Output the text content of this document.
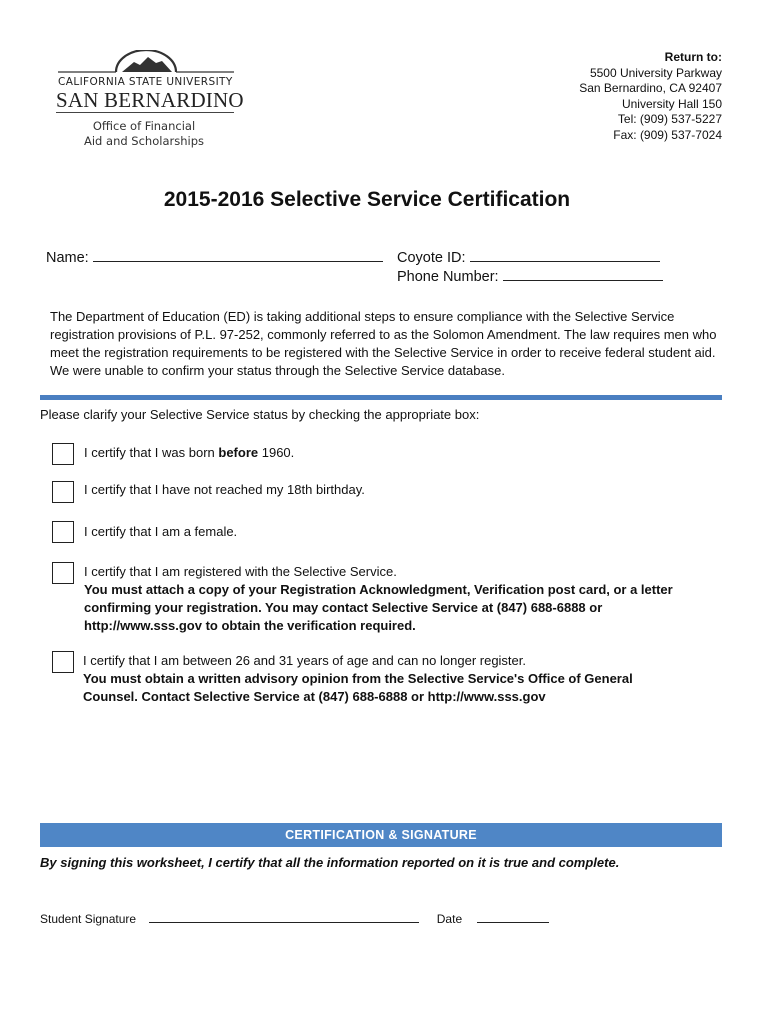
CALIFORNIA STATE UNIVERSITY
SAN BERNARDINO
Office of Financial
Aid and Scholarships
Return to:
5500 University Parkway
San Bernardino, CA 92407
University Hall 150
Tel: (909) 537-5227
Fax: (909) 537-7024
2015-2016 Selective Service Certification
Name:	Coyote ID:
Phone Number:
The Department of Education (ED) is taking additional steps to ensure compliance with the Selective Service registration provisions of P.L. 97-252, commonly referred to as the Solomon Amendment. The law requires men who meet the registration requirements to be registered with the Selective Service in order to receive federal student aid. We were unable to confirm your status through the Selective Service database.
Please clarify your Selective Service status by checking the appropriate box:
I certify that I was born before 1960.
I certify that I have not reached my 18th birthday.
I certify that I am a female.
I certify that I am registered with the Selective Service.
You must attach a copy of your Registration Acknowledgment, Verification post card, or a letter confirming your registration. You may contact Selective Service at (847) 688-6888 or http://www.sss.gov to obtain the verification required.
I certify that I am between 26 and 31 years of age and can no longer register.
You must obtain a written advisory opinion from the Selective Service's Office of General Counsel. Contact Selective Service at (847) 688-6888 or http://www.sss.gov
CERTIFICATION & SIGNATURE
By signing this worksheet, I certify that all the information reported on it is true and complete.
Student Signature	Date
